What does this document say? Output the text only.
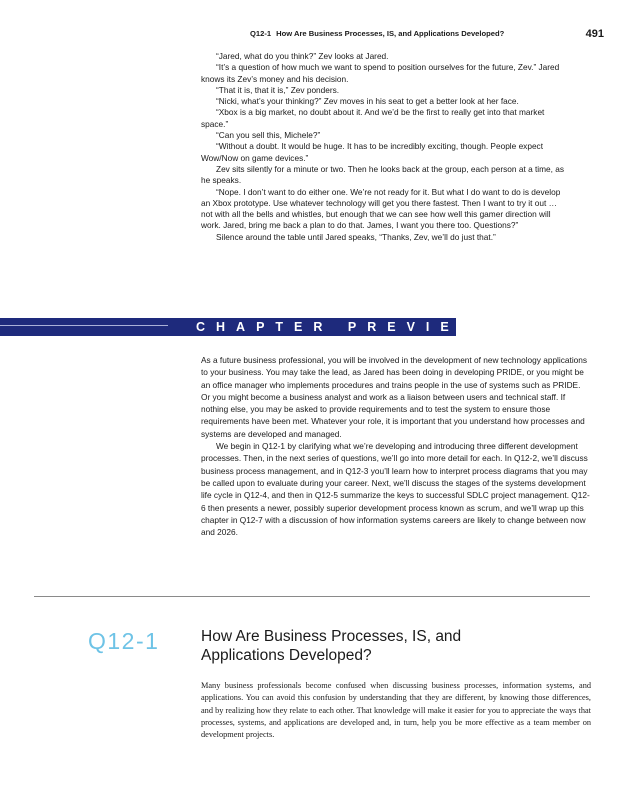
Q12-1 How Are Business Processes, IS, and Applications Developed?	491

“Jared, what do you think?” Zev looks at Jared.

“It’s a question of how much we want to spend to position ourselves for the future, Zev.” Jared knows its Zev’s money and his decision.

“That it is, that it is,” Zev ponders.

“Nicki, what’s your thinking?” Zev moves in his seat to get a better look at her face.

“Xbox is a big market, no doubt about it. And we’d be the first to really get into that market space.”

“Can you sell this, Michele?”

“Without a doubt. It would be huge. It has to be incredibly exciting, though. People expect Wow/Now on game devices.”

Zev sits silently for a minute or two. Then he looks back at the group, each person at a time, as he speaks.

“Nope. I don’t want to do either one. We’re not ready for it. But what I do want to do is develop an Xbox prototype. Use whatever technology will get you there fastest. Then I want to try it out … not with all the bells and whistles, but enough that we can see how well this gamer direction will work. Jared, bring me back a plan to do that. James, I want you there too. Questions?”

Silence around the table until Jared speaks, “Thanks, Zev, we’ll do just that.”

CHAPTER PREVIEW

As a future business professional, you will be involved in the development of new technology applications to your business. You may take the lead, as Jared has been doing in developing PRIDE, or you might be an office manager who implements procedures and trains people in the use of systems such as PRIDE. Or you might become a business analyst and work as a liaison between users and technical staff. If nothing else, you may be asked to provide requirements and to test the system to ensure those requirements have been met. Whatever your role, it is important that you understand how processes and systems are developed and managed.

We begin in Q12-1 by clarifying what we’re developing and introducing three different development processes. Then, in the next series of questions, we’ll go into more detail for each. In Q12-2, we’ll discuss business process management, and in Q12-3 you’ll learn how to interpret process diagrams that you may be called upon to evaluate during your career. Next, we’ll discuss the stages of the systems development life cycle in Q12-4, and then in Q12-5 summarize the keys to successful SDLC project management. Q12-6 then presents a newer, possibly superior development process known as scrum, and we’ll wrap up this chapter in Q12-7 with a discussion of how information systems careers are likely to change between now and 2026.

Q12-1	How Are Business Processes, IS, and Applications Developed?

Many business professionals become confused when discussing business processes, information systems, and applications. You can avoid this confusion by understanding that they are different, by knowing those differences, and by realizing how they relate to each other. That knowledge will make it easier for you to appreciate the ways that processes, systems, and applications are developed and, in turn, help you be more effective as a team member on development projects.
